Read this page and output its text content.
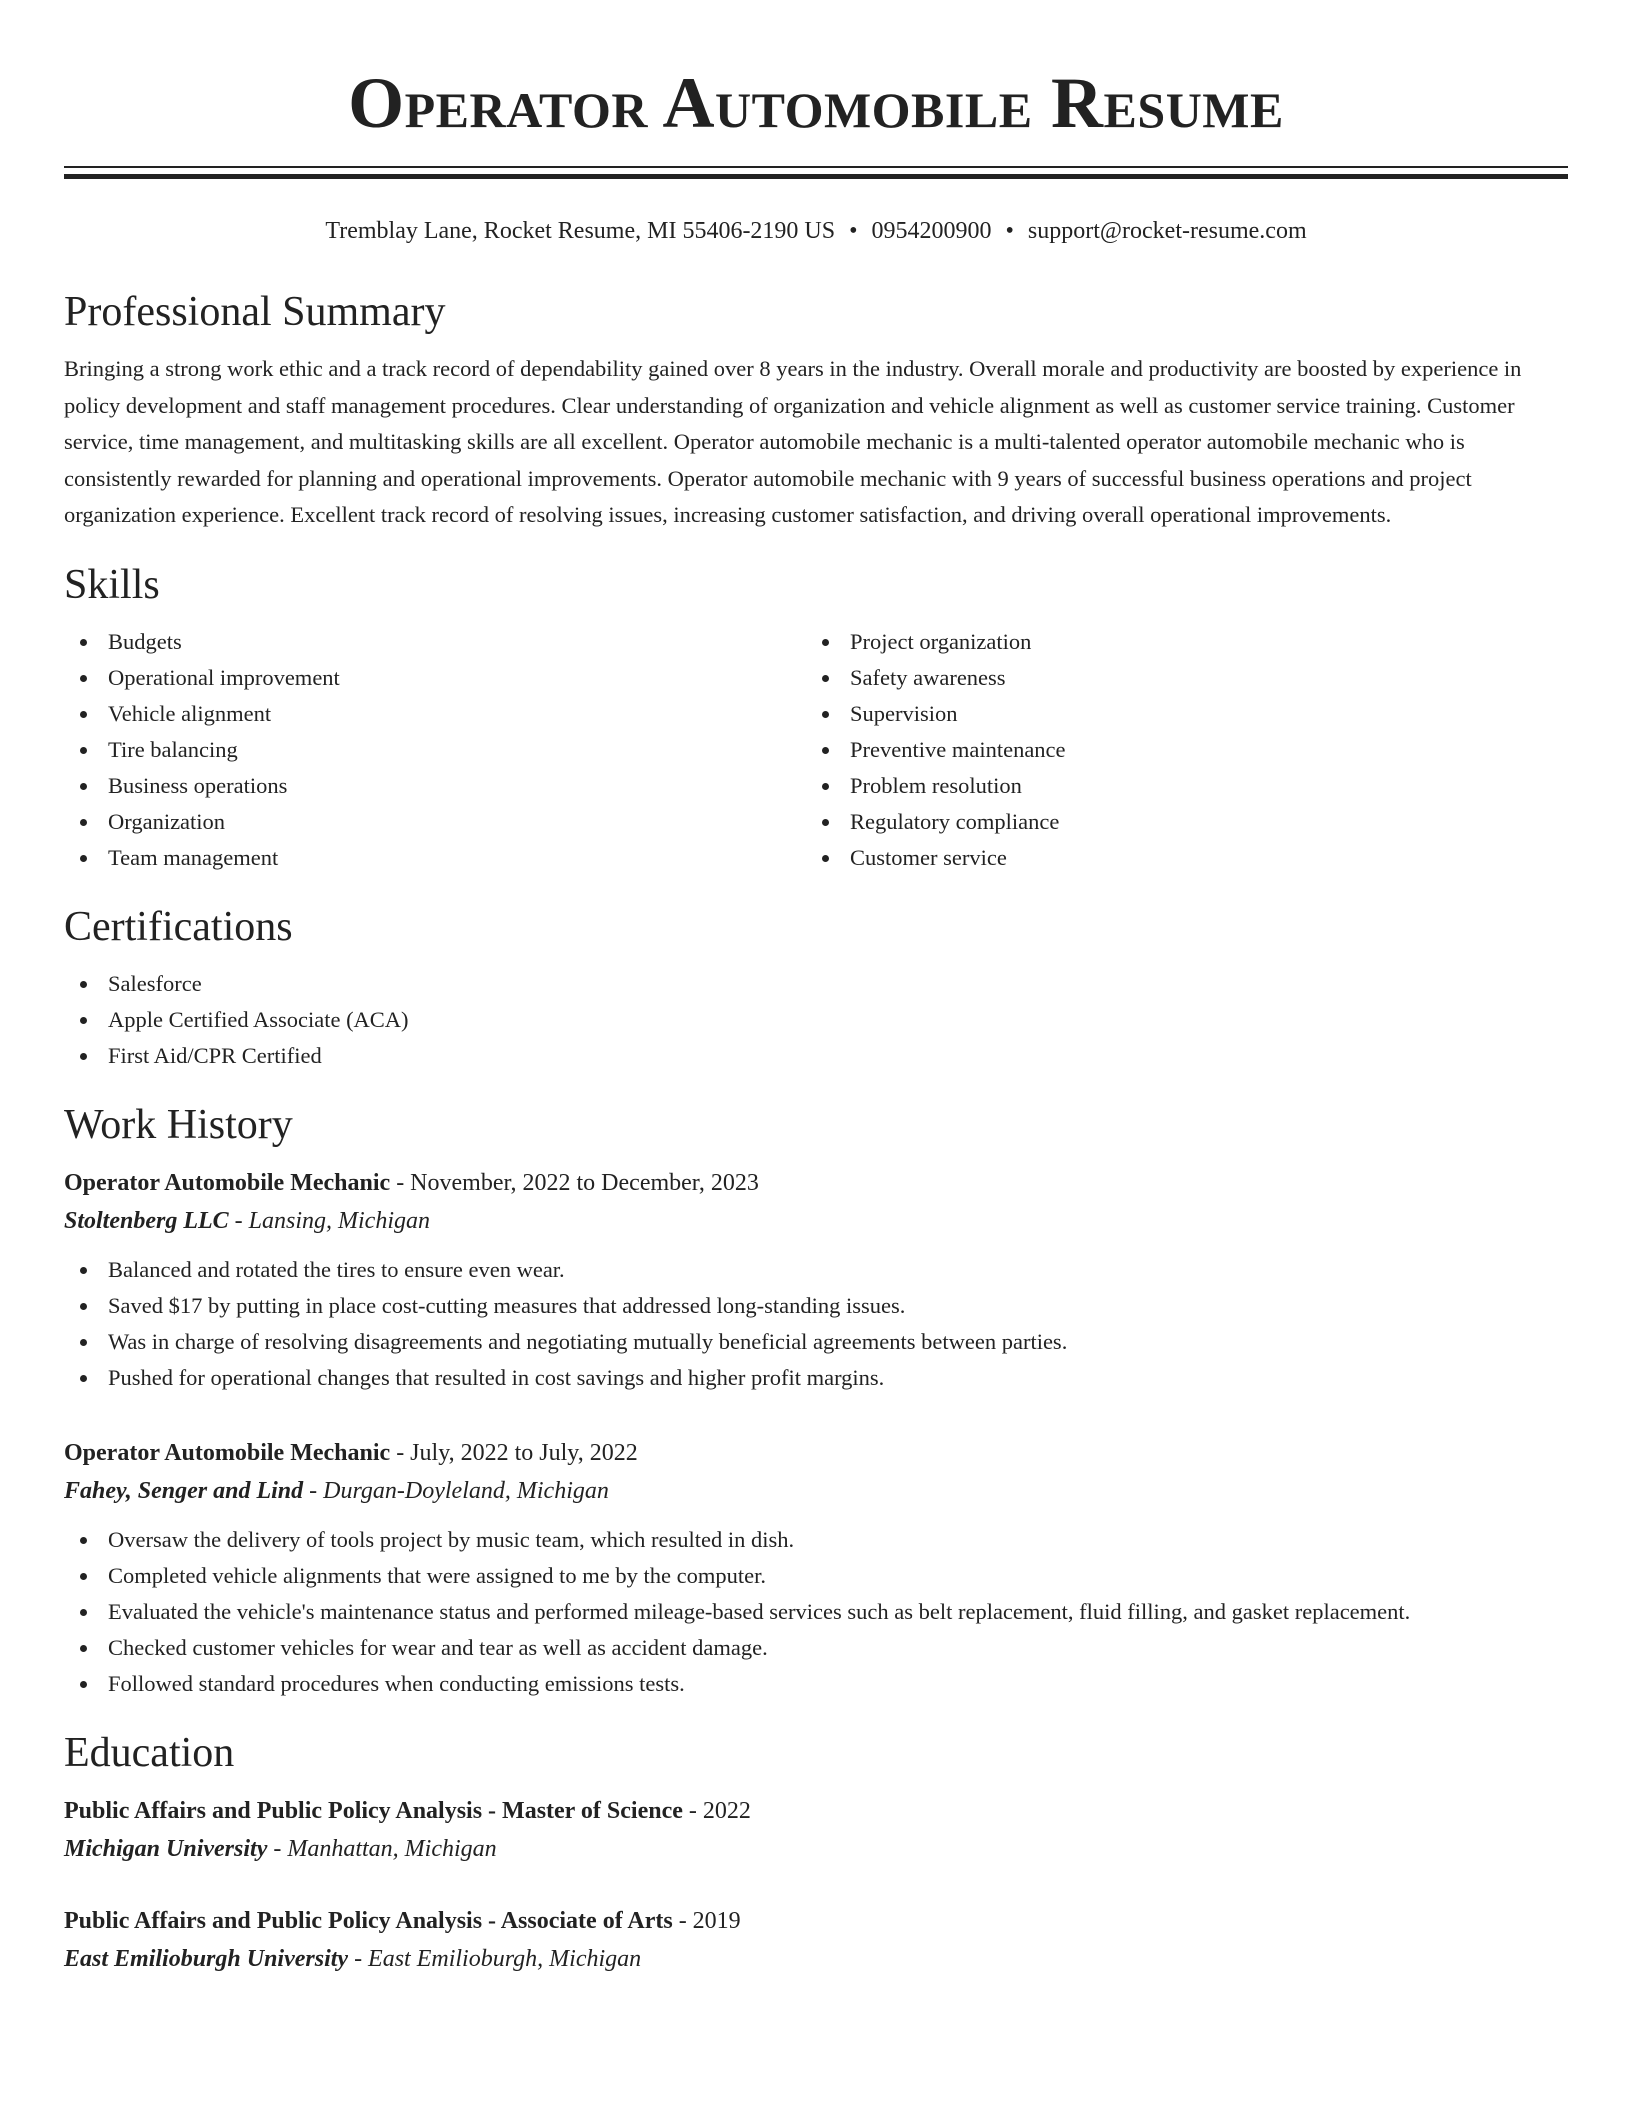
Operator Automobile Resume
Tremblay Lane, Rocket Resume, MI 55406-2190 US • 0954200900 • support@rocket-resume.com
Professional Summary

Bringing a strong work ethic and a track record of dependability gained over 8 years in the industry. Overall morale and productivity are boosted by experience in policy development and staff management procedures. Clear understanding of organization and vehicle alignment as well as customer service training. Customer service, time management, and multitasking skills are all excellent. Operator automobile mechanic is a multi-talented operator automobile mechanic who is consistently rewarded for planning and operational improvements. Operator automobile mechanic with 9 years of successful business operations and project organization experience. Excellent track record of resolving issues, increasing customer satisfaction, and driving overall operational improvements.

Skills
Budgets
Operational improvement
Vehicle alignment
Tire balancing
Business operations
Organization
Team management
Project organization
Safety awareness
Supervision
Preventive maintenance
Problem resolution
Regulatory compliance
Customer service
Certifications
Salesforce
Apple Certified Associate (ACA)
First Aid/CPR Certified
Work History
Operator Automobile Mechanic - November, 2022 to December, 2023
Stoltenberg LLC - Lansing, Michigan
Balanced and rotated the tires to ensure even wear.
Saved $17 by putting in place cost-cutting measures that addressed long-standing issues.
Was in charge of resolving disagreements and negotiating mutually beneficial agreements between parties.
Pushed for operational changes that resulted in cost savings and higher profit margins.
Operator Automobile Mechanic - July, 2022 to July, 2022
Fahey, Senger and Lind - Durgan-Doyleland, Michigan
Oversaw the delivery of tools project by music team, which resulted in dish.
Completed vehicle alignments that were assigned to me by the computer.
Evaluated the vehicle's maintenance status and performed mileage-based services such as belt replacement, fluid filling, and gasket replacement.
Checked customer vehicles for wear and tear as well as accident damage.
Followed standard procedures when conducting emissions tests.
Education
Public Affairs and Public Policy Analysis - Master of Science - 2022
Michigan University - Manhattan, Michigan
Public Affairs and Public Policy Analysis - Associate of Arts - 2019
East Emilioburgh University - East Emilioburgh, Michigan
